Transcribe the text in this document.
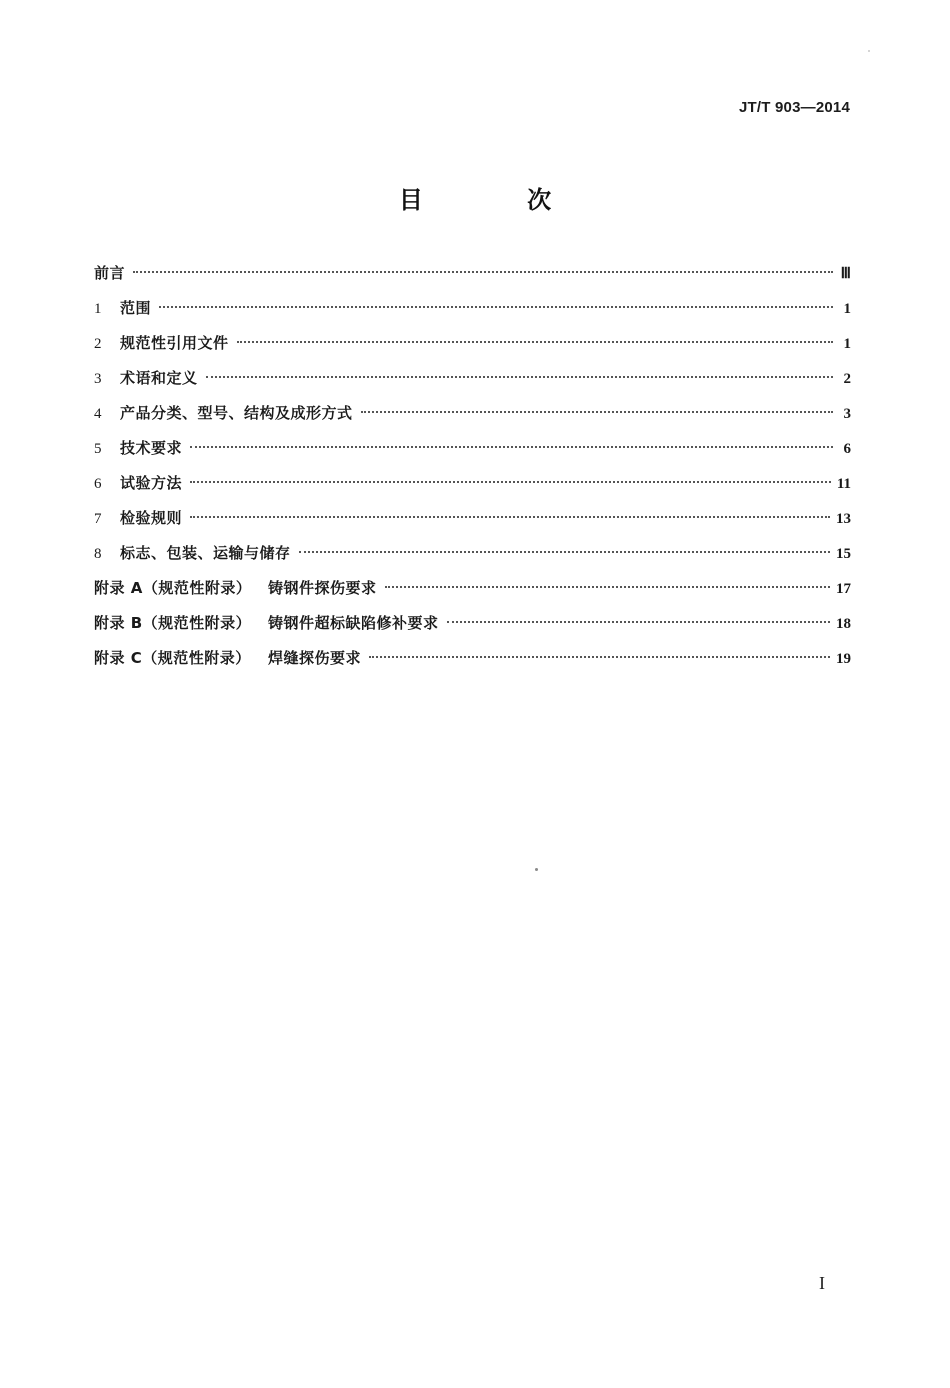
JT/T 903—2014
目 次
前言	Ⅲ
1	范围	1
2	规范性引用文件	1
3	术语和定义	2
4	产品分类、型号、结构及成形方式	3
5	技术要求	6
6	试验方法	11
7	检验规则	13
8	标志、包装、运输与储存	15
附录 A（规范性附录）	铸钢件探伤要求	17
附录 B（规范性附录）	铸钢件超标缺陷修补要求	18
附录 C（规范性附录）	焊缝探伤要求	19
I
